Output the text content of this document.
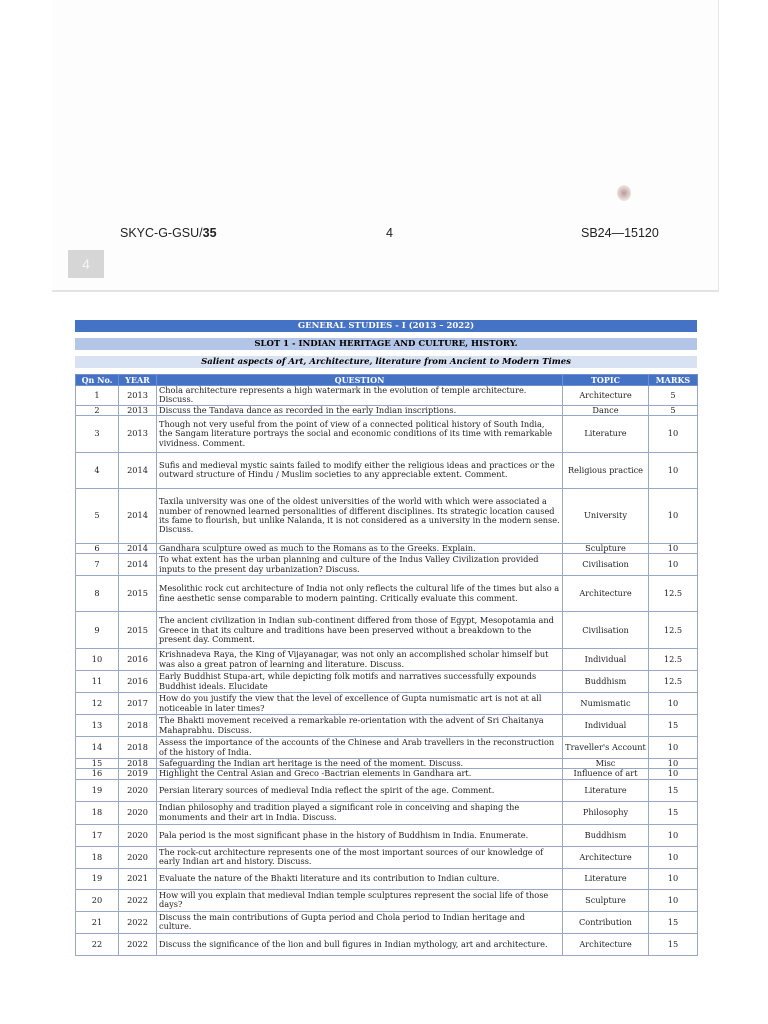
SKYC-G-GSU/35	4	SB24—15120
4
GENERAL STUDIES - I (2013 – 2022)
SLOT 1 - INDIAN HERITAGE AND CULTURE, HISTORY.
Salient aspects of Art, Architecture, literature from Ancient to Modern Times
Qn No.	YEAR	QUESTION	TOPIC	MARKS
1	2013	Chola architecture represents a high watermark in the evolution of temple architecture. Discuss.	Architecture	5
2	2013	Discuss the Tandava dance as recorded in the early Indian inscriptions.	Dance	5
3	2013	Though not very useful from the point of view of a connected political history of South India, the Sangam literature portrays the social and economic conditions of its time with remarkable vividness. Comment.	Literature	10
4	2014	Sufis and medieval mystic saints failed to modify either the religious ideas and practices or the outward structure of Hindu / Muslim societies to any appreciable extent. Comment.	Religious practice	10
5	2014	Taxila university was one of the oldest universities of the world with which were associated a number of renowned learned personalities of different disciplines. Its strategic location caused its fame to flourish, but unlike Nalanda, it is not considered as a university in the modern sense. Discuss.	University	10
6	2014	Gandhara sculpture owed as much to the Romans as to the Greeks. Explain.	Sculpture	10
7	2014	To what extent has the urban planning and culture of the Indus Valley Civilization provided inputs to the present day urbanization? Discuss.	Civilisation	10
8	2015	Mesolithic rock cut architecture of India not only reflects the cultural life of the times but also a fine aesthetic sense comparable to modern painting. Critically evaluate this comment.	Architecture	12.5
9	2015	The ancient civilization in Indian sub-continent differed from those of Egypt, Mesopotamia and Greece in that its culture and traditions have been preserved without a breakdown to the present day. Comment.	Civilisation	12.5
10	2016	Krishnadeva Raya, the King of Vijayanagar, was not only an accomplished scholar himself but was also a great patron of learning and literature. Discuss.	Individual	12.5
11	2016	Early Buddhist Stupa-art, while depicting folk motifs and narratives successfully expounds Buddhist ideals. Elucidate	Buddhism	12.5
12	2017	How do you justify the view that the level of excellence of Gupta numismatic art is not at all noticeable in later times?	Numismatic	10
13	2018	The Bhakti movement received a remarkable re-orientation with the advent of Sri Chaitanya Mahaprabhu. Discuss.	Individual	15
14	2018	Assess the importance of the accounts of the Chinese and Arab travellers in the reconstruction of the history of India.	Traveller's Account	10
15	2018	Safeguarding the Indian art heritage is the need of the moment. Discuss.	Misc	10
16	2019	Highlight the Central Asian and Greco -Bactrian elements in Gandhara art.	Influence of art	10
19	2020	Persian literary sources of medieval India reflect the spirit of the age. Comment.	Literature	15
18	2020	Indian philosophy and tradition played a significant role in conceiving and shaping the monuments and their art in India. Discuss.	Philosophy	15
17	2020	Pala period is the most significant phase in the history of Buddhism in India. Enumerate.	Buddhism	10
18	2020	The rock-cut architecture represents one of the most important sources of our knowledge of early Indian art and history. Discuss.	Architecture	10
19	2021	Evaluate the nature of the Bhakti literature and its contribution to Indian culture.	Literature	10
20	2022	How will you explain that medieval Indian temple sculptures represent the social life of those days?	Sculpture	10
21	2022	Discuss the main contributions of Gupta period and Chola period to Indian heritage and culture.	Contribution	15
22	2022	Discuss the significance of the lion and bull figures in Indian mythology, art and architecture.	Architecture	15
